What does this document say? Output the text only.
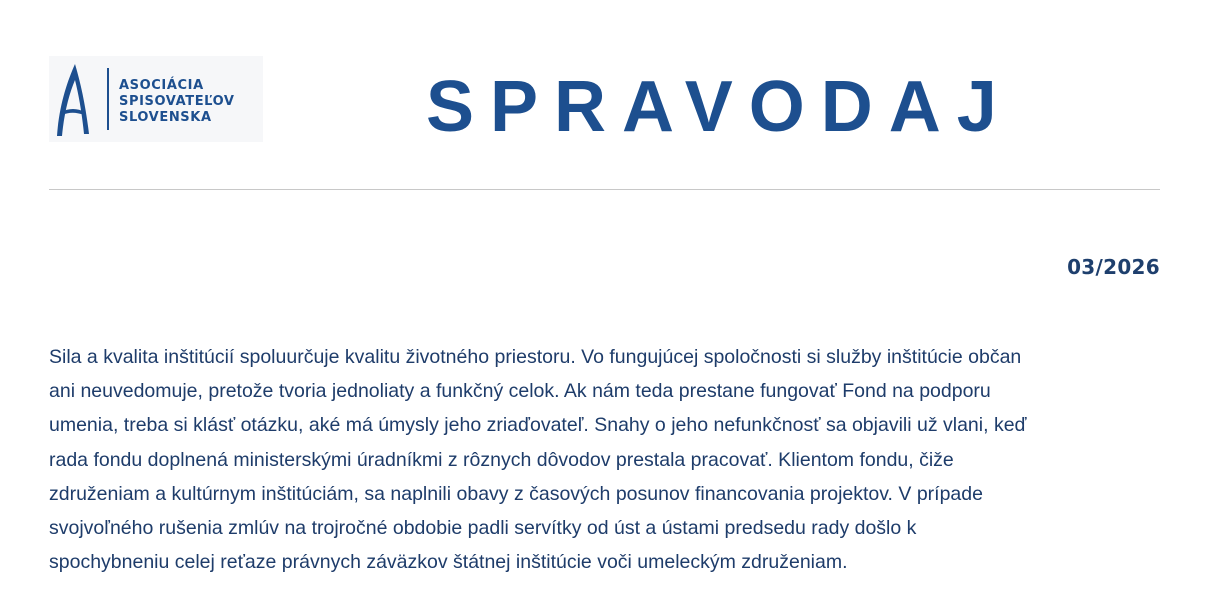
ASOCIÁCIA
SPISOVATEĽOV
SLOVENSKA	SPRAVODAJ
03/2026

Sila a kvalita inštitúcií spoluurčuje kvalitu životného priestoru. Vo fungujúcej spoločnosti si služby inštitúcie občan
ani neuvedomuje, pretože tvoria jednoliaty a funkčný celok. Ak nám teda prestane fungovať Fond na podporu
umenia, treba si klásť otázku, aké má úmysly jeho zriaďovateľ. Snahy o jeho nefunkčnosť sa objavili už vlani, keď
rada fondu doplnená ministerskými úradníkmi z rôznych dôvodov prestala pracovať. Klientom fondu, čiže
združeniam a kultúrnym inštitúciám, sa naplnili obavy z časových posunov financovania projektov. V prípade
svojvoľného rušenia zmlúv na trojročné obdobie padli servítky od úst a ústami predsedu rady došlo k
spochybneniu celej reťaze právnych záväzkov štátnej inštitúcie voči umeleckým združeniam.
